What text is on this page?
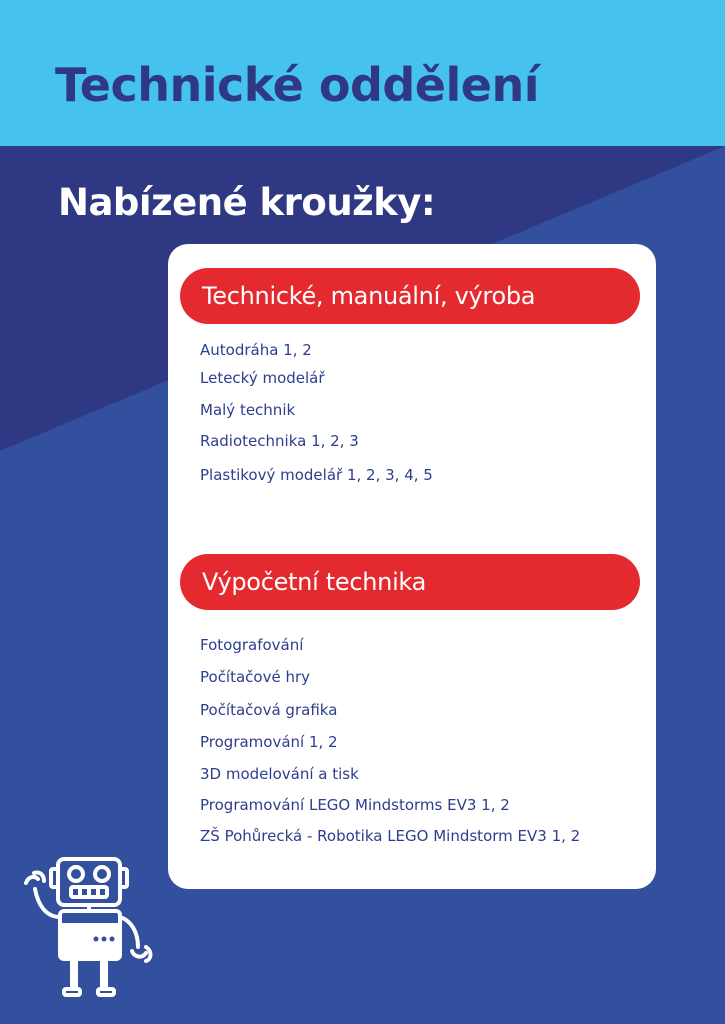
Technické oddělení
Nabízené kroužky:
Technické, manuální, výroba
Autodráha 1, 2
Letecký modelář
Malý technik
Radiotechnika 1, 2, 3
Plastikový modelář 1, 2, 3, 4, 5
Výpočetní technika
Fotografování
Počítačové hry
Počítačová grafika
Programování 1, 2
3D modelování a tisk
Programování LEGO Mindstorms EV3 1, 2
ZŠ Pohůrecká - Robotika LEGO Mindstorm EV3 1, 2
